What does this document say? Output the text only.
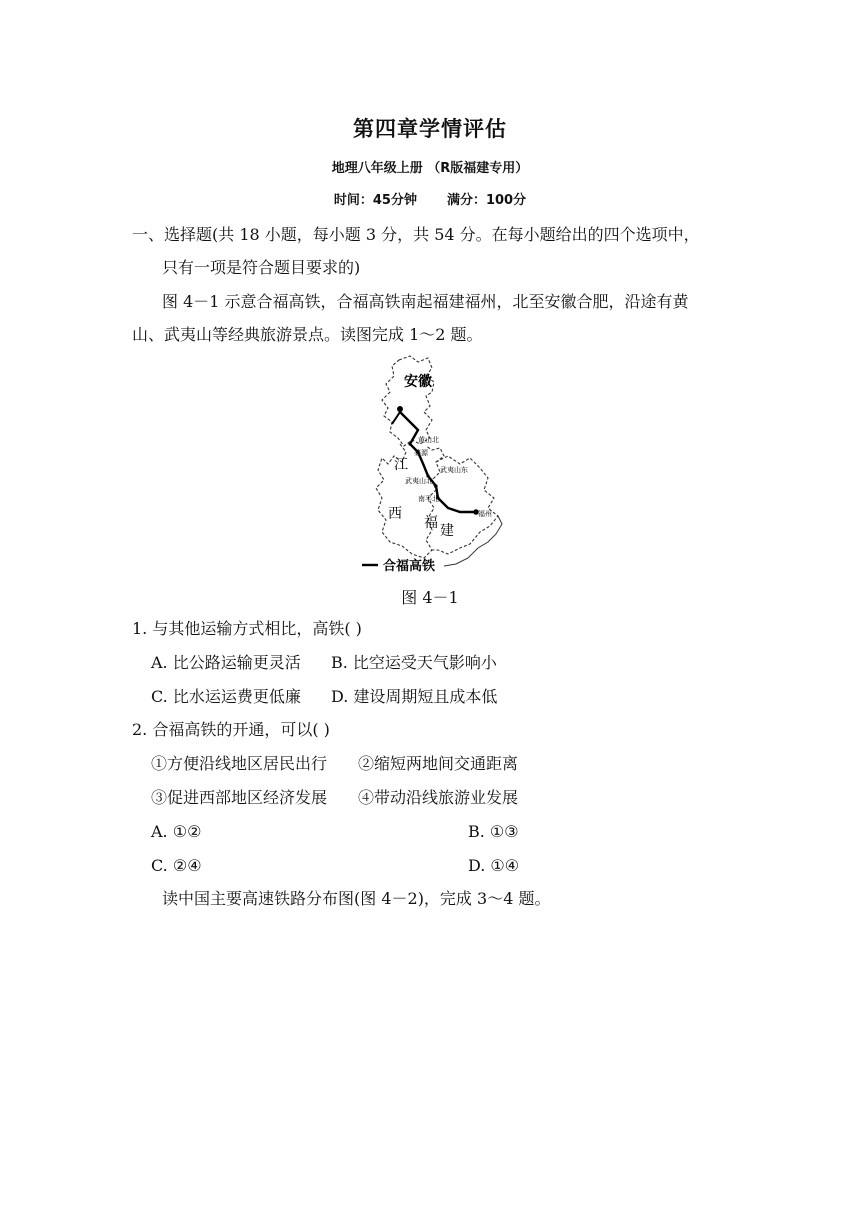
第四章学情评估
地理八年级上册 （R版福建专用）
时间：45分钟 满分：100分
一、选择题(共 18 小题，每小题 3 分，共 54 分。在每小题给出的四个选项中，
只有一项是符合题目要求的)
图 4－1 示意合福高铁，合福高铁南起福建福州，北至安徽合肥，沿途有黄
山、武夷山等经典旅游景点。读图完成 1～2 题。
安徽
黄山北
婺源
江	武夷山东
武夷山北
南平北
福州
西
福 建
合福高铁
图 4－1
1. 与其他运输方式相比，高铁( )
A. 比公路运输更灵活 B. 比空运受天气影响小
C. 比水运运费更低廉 D. 建设周期短且成本低
2. 合福高铁的开通，可以( )
①方便沿线地区居民出行 ②缩短两地间交通距离
③促进西部地区经济发展 ④带动沿线旅游业发展
A. ①②	B. ①③
C. ②④	D. ①④
读中国主要高速铁路分布图(图 4－2)，完成 3～4 题。
